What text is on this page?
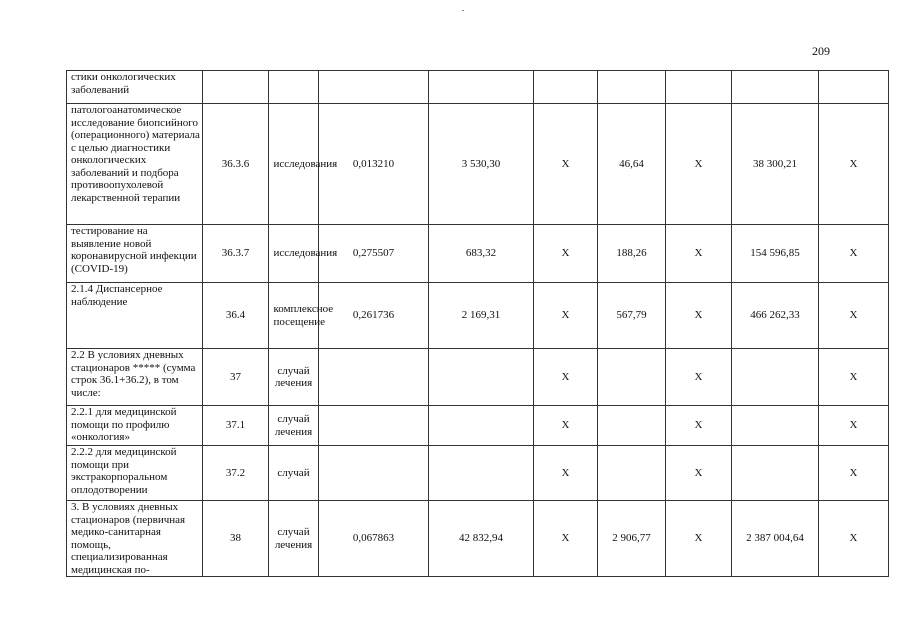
209
стики онкологических заболеваний									
патологоанатомическое исследование биопсийного (операционного) материала с целью диагностики онкологических заболеваний и подбора противоопухолевой лекарственной терапии	36.3.6	исследования	0,013210	3 530,30	X	46,64	X	38 300,21	X
тестирование на выявление новой коронавирусной инфекции (COVID-19)	36.3.7	исследования	0,275507	683,32	X	188,26	X	154 596,85	X
2.1.4 Диспансерное наблюдение	36.4	комплексное посещение	0,261736	2 169,31	X	567,79	X	466 262,33	X
2.2 В условиях дневных стационаров ***** (сумма строк 36.1+36.2), в том числе:	37	случай лечения			X		X		X
2.2.1 для медицинской помощи по профилю «онкология»	37.1	случай лечения			X		X		X
2.2.2 для медицинской помощи при экстракорпоральном оплодотворении	37.2	случай			X		X		X
3. В условиях дневных стационаров (первичная медико-санитарная помощь, специализированная медицинская по-	38	случай лечения	0,067863	42 832,94	X	2 906,77	X	2 387 004,64	X
